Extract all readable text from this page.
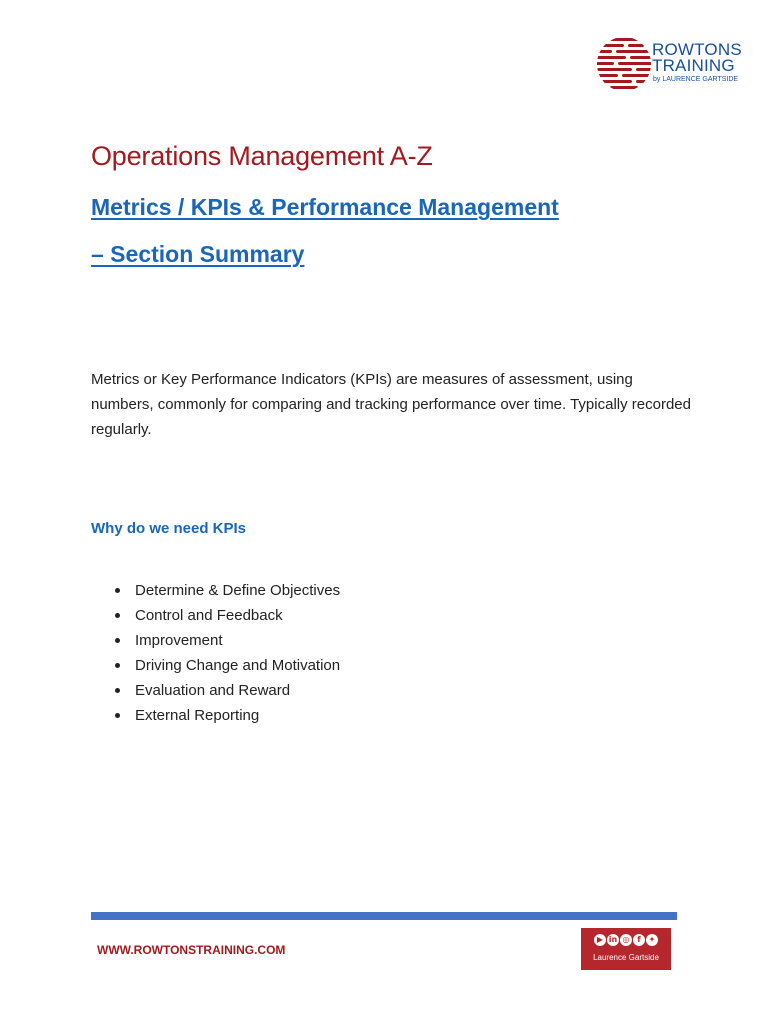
ROWTONS
TRAINING
by LAURENCE GARTSIDE
Operations Management A-Z
Metrics / KPIs & Performance Management
– Section Summary

Metrics or Key Performance Indicators (KPIs) are measures of assessment, using numbers, commonly for comparing and tracking performance over time. Typically recorded regularly.

Why do we need KPIs
Determine & Define Objectives
Control and Feedback
Improvement
Driving Change and Motivation
Evaluation and Reward
External Reporting
WWW.ROWTONSTRAINING.COM
▶ in ◎ f ✦
Laurence Gartside
